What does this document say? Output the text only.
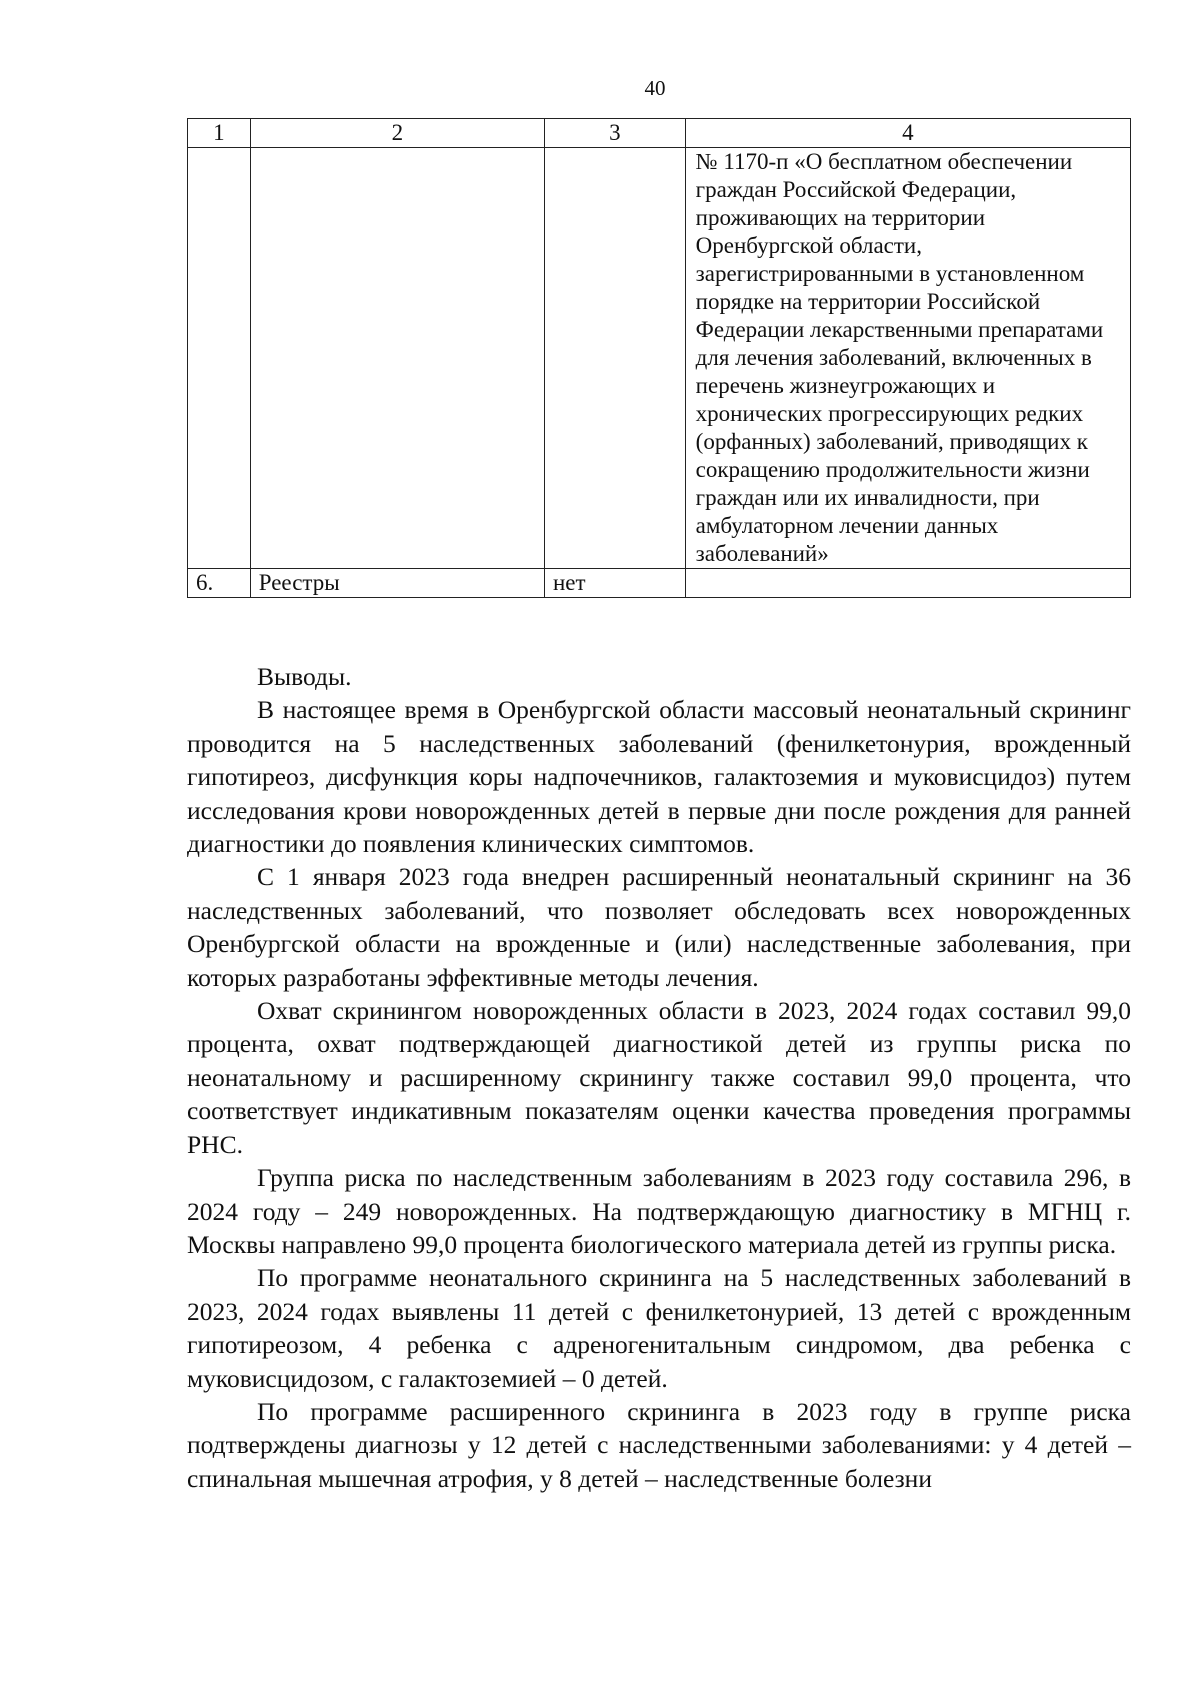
40
1	2	3	4
			№ 1170-п «О бесплатном обеспечении граждан Российской Федерации, проживающих на территории Оренбургской области, зарегистрированными в установленном порядке на территории Российской Федерации лекарственными препаратами для лечения заболеваний, включенных в перечень жизнеугрожающих и хронических прогрессирующих редких (орфанных) заболеваний, приводящих к сокращению продолжительности жизни граждан или их инвалидности, при амбулаторном лечении данных заболеваний»
6.	Реестры	нет	

Выводы.

В настоящее время в Оренбургской области массовый неонатальный скрининг проводится на 5 наследственных заболеваний (фенилкетонурия, врожденный гипотиреоз, дисфункция коры надпочечников, галактоземия и муковисцидоз) путем исследования крови новорожденных детей в первые дни после рождения для ранней диагностики до появления клинических симптомов.

С 1 января 2023 года внедрен расширенный неонатальный скрининг на 36 наследственных заболеваний, что позволяет обследовать всех новорожденных Оренбургской области на врожденные и (или) наследственные заболевания, при которых разработаны эффективные методы лечения.

Охват скринингом новорожденных области в 2023, 2024 годах составил 99,0 процента, охват подтверждающей диагностикой детей из группы риска по неонатальному и расширенному скринингу также составил 99,0 процента, что соответствует индикативным показателям оценки качества проведения программы РНС.

Группа риска по наследственным заболеваниям в 2023 году составила 296, в 2024 году – 249 новорожденных. На подтверждающую диагностику в МГНЦ г. Москвы направлено 99,0 процента биологического материала детей из группы риска.

По программе неонатального скрининга на 5 наследственных заболеваний в 2023, 2024 годах выявлены 11 детей с фенилкетонурией, 13 детей с врожденным гипотиреозом, 4 ребенка с адреногенитальным синдромом, два ребенка с муковисцидозом, с галактоземией – 0 детей.

По программе расширенного скрининга в 2023 году в группе риска подтверждены диагнозы у 12 детей с наследственными заболеваниями: у 4 детей – спинальная мышечная атрофия, у 8 детей – наследственные болезни
